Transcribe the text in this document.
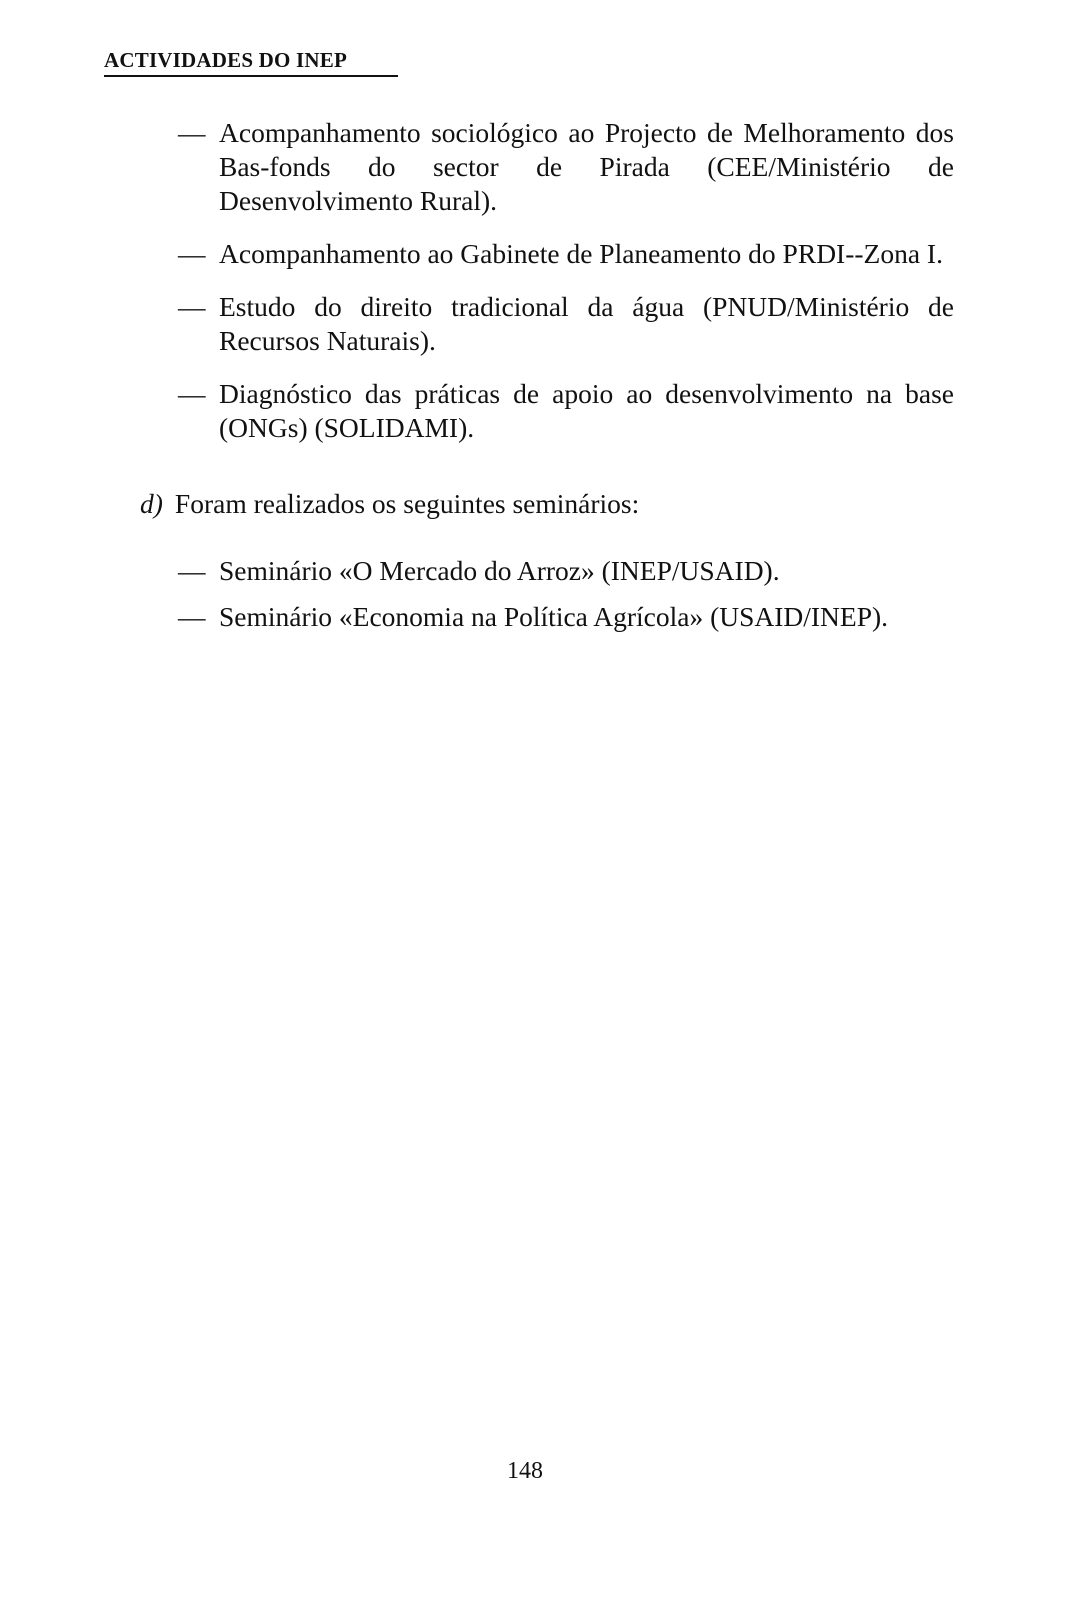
ACTIVIDADES DO INEP
— Acompanhamento sociológico ao Projecto de Melhoramento dos Bas-fonds do sector de Pirada (CEE/Ministério de Desenvolvimento Rural).
— Acompanhamento ao Gabinete de Planeamento do PRDI--Zona I.
— Estudo do direito tradicional da água (PNUD/Ministério de Recursos Naturais).
— Diagnóstico das práticas de apoio ao desenvolvimento na base (ONGs) (SOLIDAMI).

d) Foram realizados os seguintes seminários:

— Seminário «O Mercado do Arroz» (INEP/USAID).
— Seminário «Economia na Política Agrícola» (USAID/INEP).
148
